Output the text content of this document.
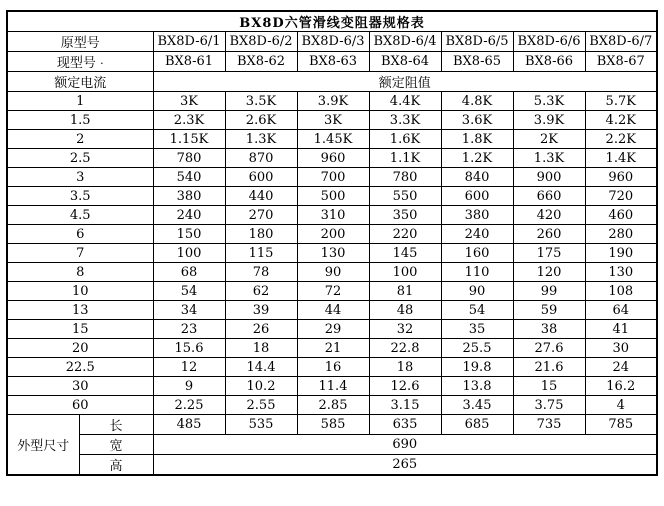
BX8D六管滑线变阻器规格表								
原型号		BX8D-6/1	BX8D-6/2	BX8D-6/3	BX8D-6/4	BX8D-6/5	BX8D-6/6	BX8D-6/7
现型号 ·		BX8-61	BX8-62	BX8-63	BX8-64	BX8-65	BX8-66	BX8-67
额定电流		额定阻值						
1		3K	3.5K	3.9K	4.4K	4.8K	5.3K	5.7K
1.5		2.3K	2.6K	3K	3.3K	3.6K	3.9K	4.2K
2		1.15K	1.3K	1.45K	1.6K	1.8K	2K	2.2K
2.5		780	870	960	1.1K	1.2K	1.3K	1.4K
3		540	600	700	780	840	900	960
3.5		380	440	500	550	600	660	720
4.5		240	270	310	350	380	420	460
6		150	180	200	220	240	260	280
7		100	115	130	145	160	175	190
8		68	78	90	100	110	120	130
10		54	62	72	81	90	99	108
13		34	39	44	48	54	59	64
15		23	26	29	32	35	38	41
20		15.6	18	21	22.8	25.5	27.6	30
22.5		12	14.4	16	18	19.8	21.6	24
30		9	10.2	11.4	12.6	13.8	15	16.2
60		2.25	2.55	2.85	3.15	3.45	3.75	4
外型尺寸	长	485	535	585	635	685	735	785
	宽	690						
	高	265						
